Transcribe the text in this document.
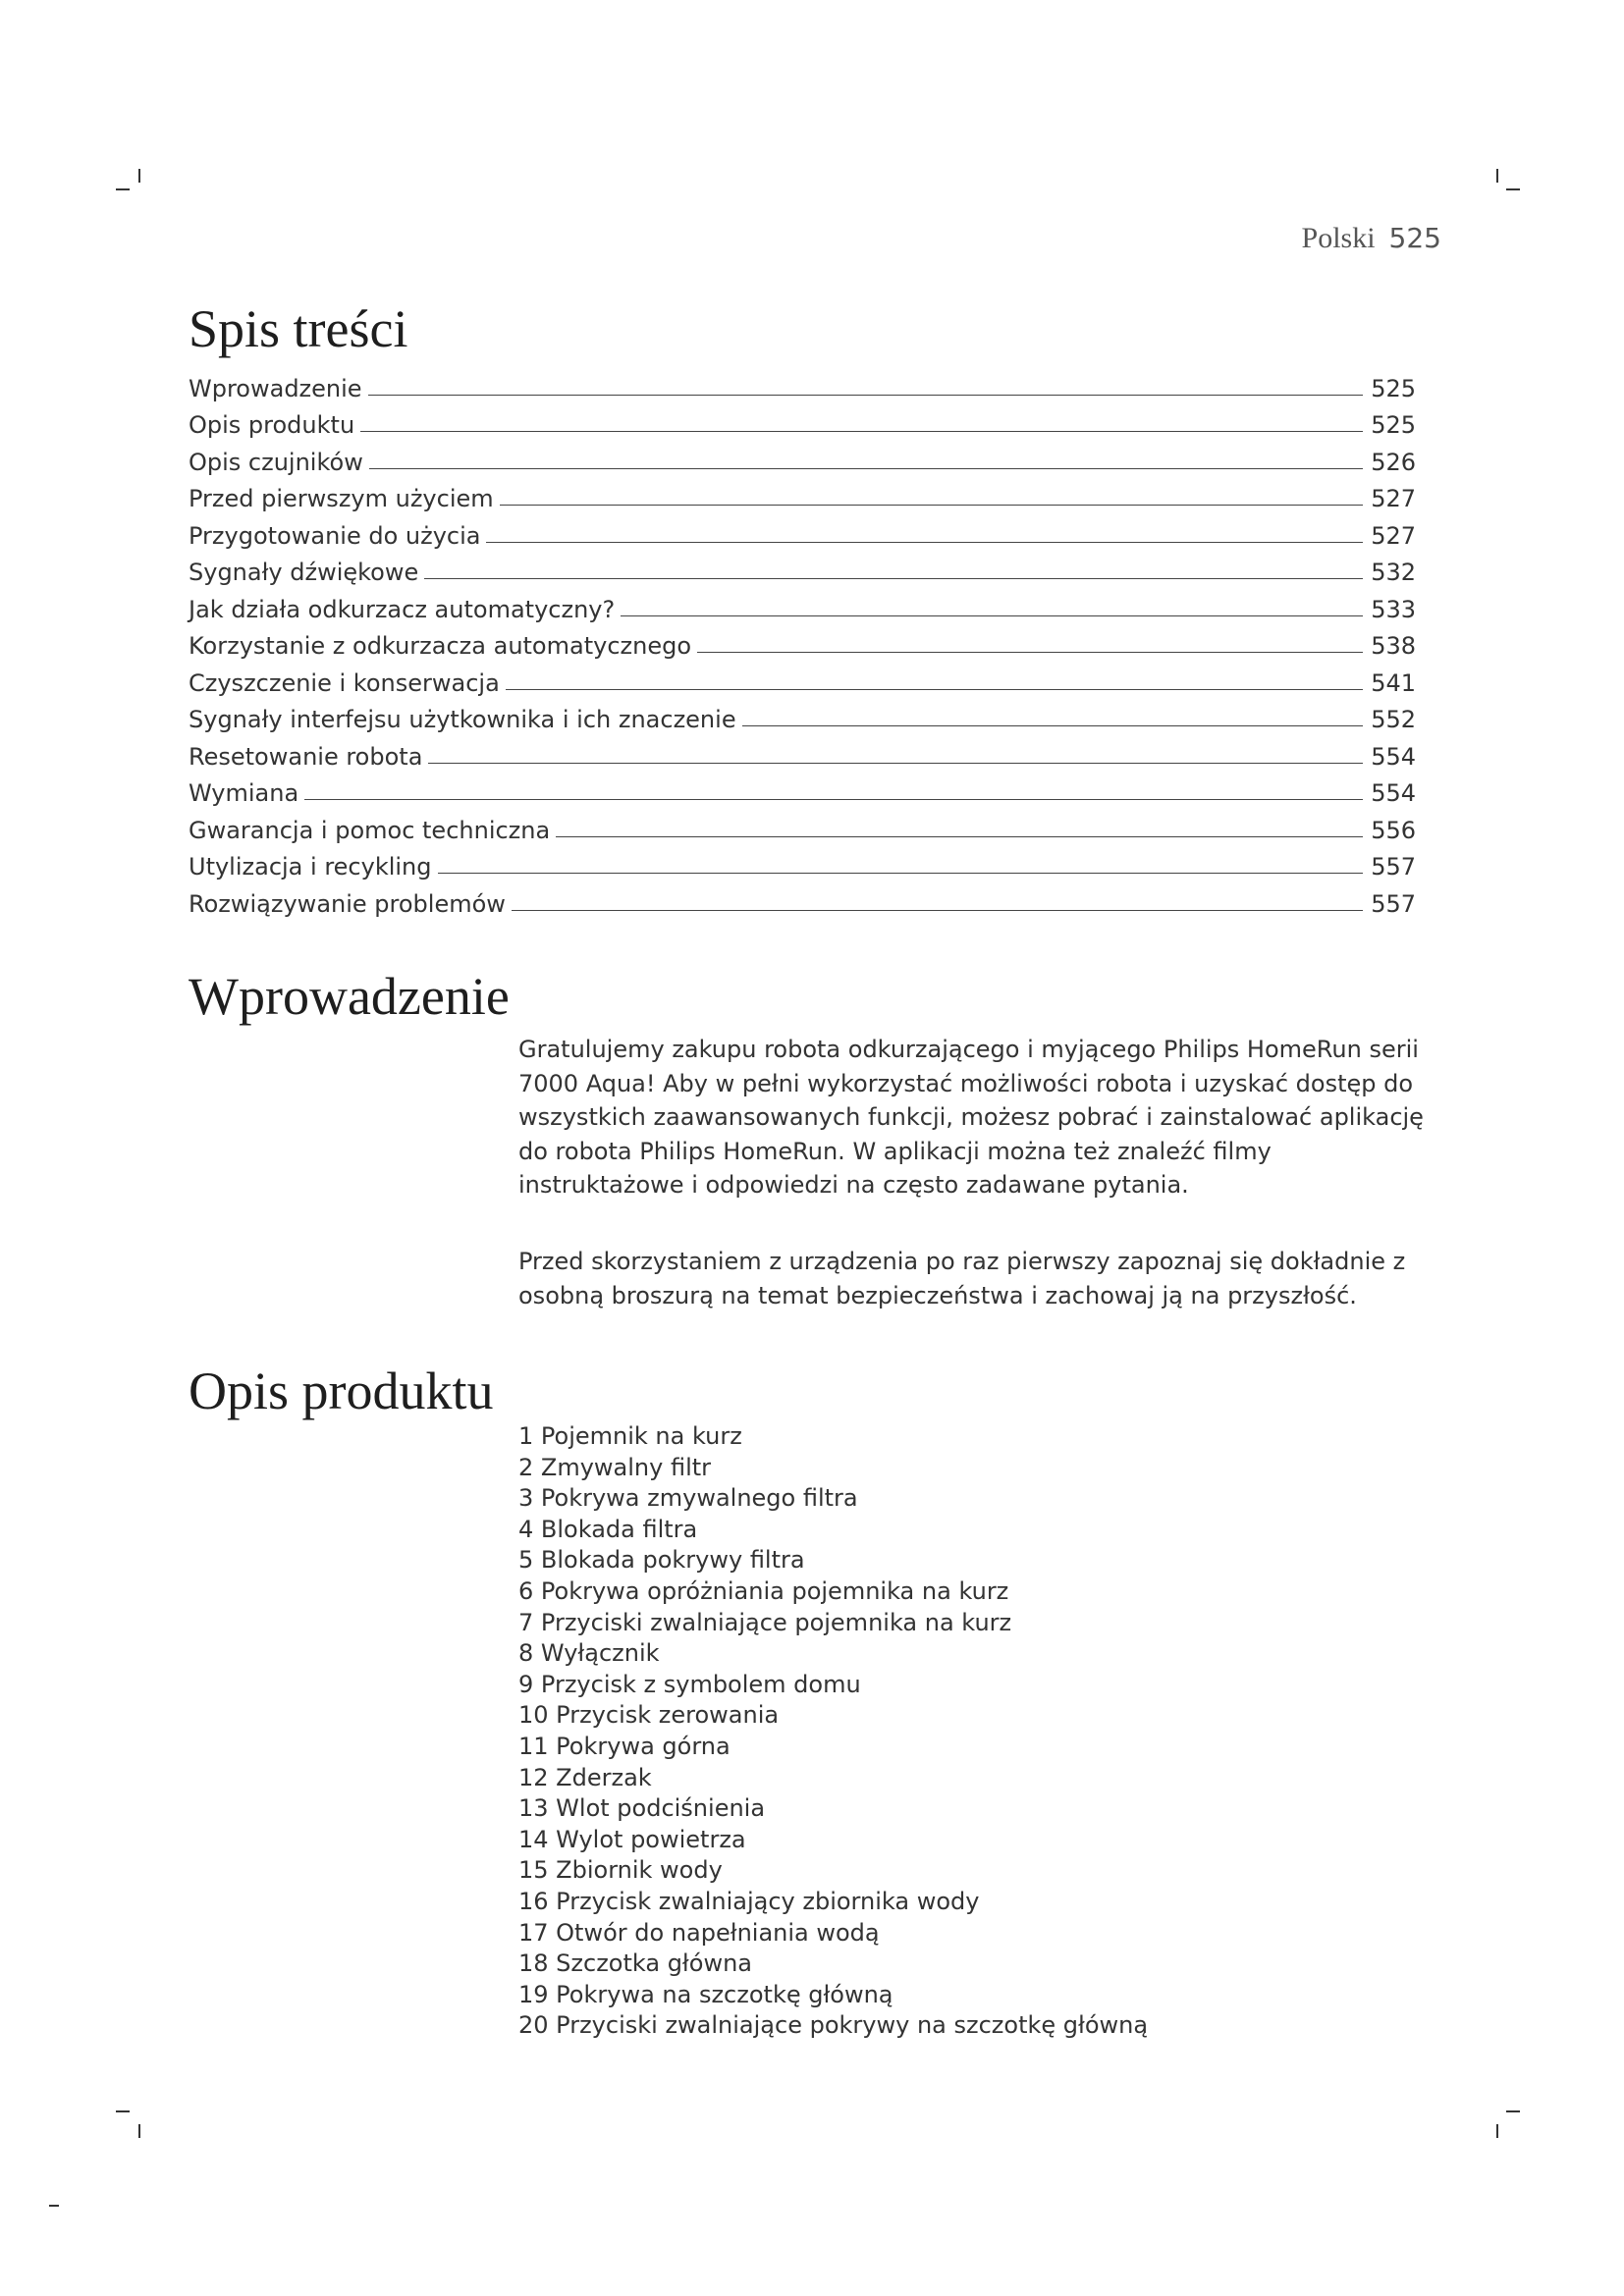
Polski 525
Spis treści
Wprowadzenie	525
Opis produktu	525
Opis czujników	526
Przed pierwszym użyciem	527
Przygotowanie do użycia	527
Sygnały dźwiękowe	532
Jak działa odkurzacz automatyczny?	533
Korzystanie z odkurzacza automatycznego	538
Czyszczenie i konserwacja	541
Sygnały interfejsu użytkownika i ich znaczenie	552
Resetowanie robota	554
Wymiana	554
Gwarancja i pomoc techniczna	556
Utylizacja i recykling	557
Rozwiązywanie problemów	557
Wprowadzenie

Gratulujemy zakupu robota odkurzającego i myjącego Philips HomeRun serii 7000 Aqua! Aby w pełni wykorzystać możliwości robota i uzyskać dostęp do wszystkich zaawansowanych funkcji, możesz pobrać i zainstalować aplikację do robota Philips HomeRun. W aplikacji można też znaleźć filmy instruktażowe i odpowiedzi na często zadawane pytania.

Przed skorzystaniem z urządzenia po raz pierwszy zapoznaj się dokładnie z osobną broszurą na temat bezpieczeństwa i zachowaj ją na przyszłość.

Opis produktu
1 Pojemnik na kurz
2 Zmywalny filtr
3 Pokrywa zmywalnego filtra
4 Blokada filtra
5 Blokada pokrywy filtra
6 Pokrywa opróżniania pojemnika na kurz
7 Przyciski zwalniające pojemnika na kurz
8 Wyłącznik
9 Przycisk z symbolem domu
10 Przycisk zerowania
11 Pokrywa górna
12 Zderzak
13 Wlot podciśnienia
14 Wylot powietrza
15 Zbiornik wody
16 Przycisk zwalniający zbiornika wody
17 Otwór do napełniania wodą
18 Szczotka główna
19 Pokrywa na szczotkę główną
20 Przyciski zwalniające pokrywy na szczotkę główną
